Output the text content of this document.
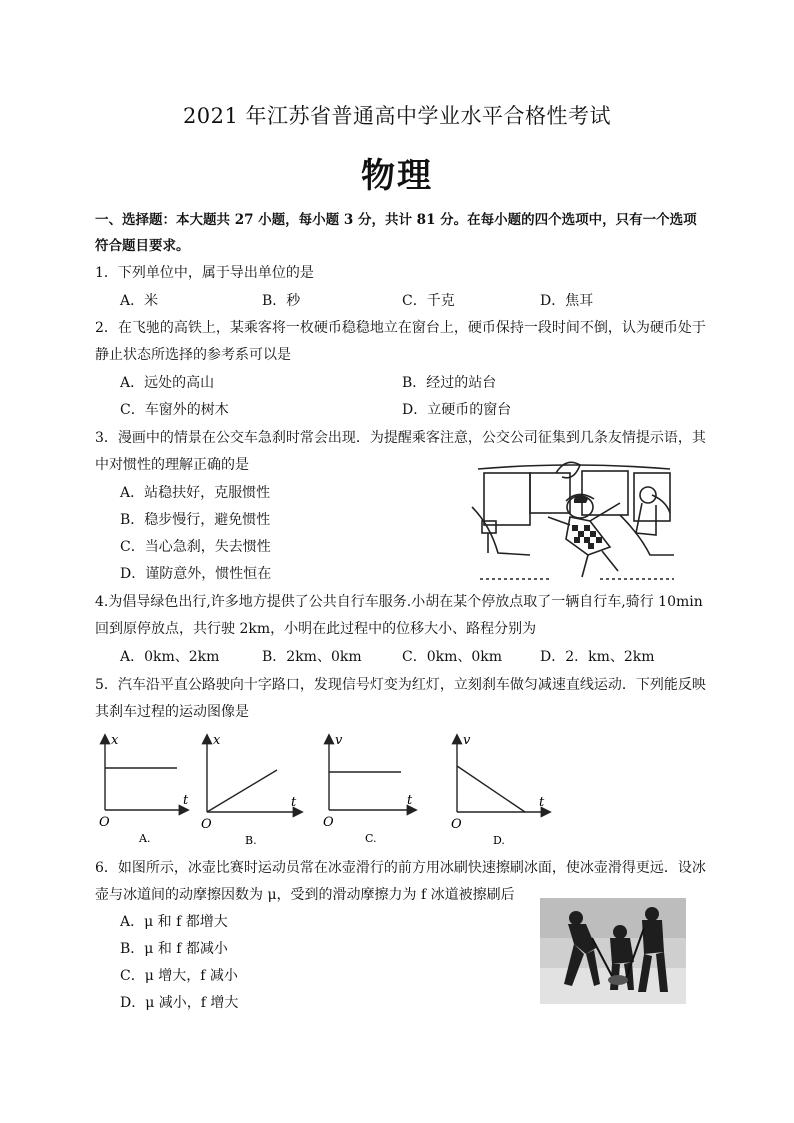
2021 年江苏省普通高中学业水平合格性考试
物理
一、选择题：本大题共 27 小题，每小题 3 分，共计 81 分。在每小题的四个选项中，只有一个选项
符合题目要求。
1．下列单位中，属于导出单位的是
A．米	B．秒	C．千克	D．焦耳
2．在飞驰的高铁上，某乘客将一枚硬币稳稳地立在窗台上，硬币保持一段时间不倒，认为硬币处于
静止状态所选择的参考系可以是
A．远处的高山	B．经过的站台
C．车窗外的树木	D．立硬币的窗台
3．漫画中的情景在公交车急刹时常会出现．为提醒乘客注意，公交公司征集到几条友情提示语，其
中对惯性的理解正确的是
A．站稳扶好，克服惯性
B．稳步慢行，避免惯性
C．当心急刹，失去惯性
D．谨防意外，惯性恒在
4.为倡导绿色出行,许多地方提供了公共自行车服务.小胡在某个停放点取了一辆自行车,骑行 10min
回到原停放点，共行驶 2km，小明在此过程中的位移大小、路程分别为
A．0km、2km	B．2km、0km	C．0km、0km	D．2．km、2km
5．汽车沿平直公路驶向十字路口，发现信号灯变为红灯，立刻刹车做匀减速直线运动．下列能反映
其刹车过程的运动图像是
x
t
O
A.
x
t
O
B.
v
t
O
C.
v
t
O
D.
6．如图所示，冰壶比赛时运动员常在冰壶滑行的前方用冰刷快速擦刷冰面，使冰壶滑得更远．设冰
壶与冰道间的动摩擦因数为 μ，受到的滑动摩擦力为 f 冰道被擦刷后
A．μ 和 f 都增大
B．μ 和 f 都减小
C．μ 增大，f 减小
D．μ 减小，f 增大
